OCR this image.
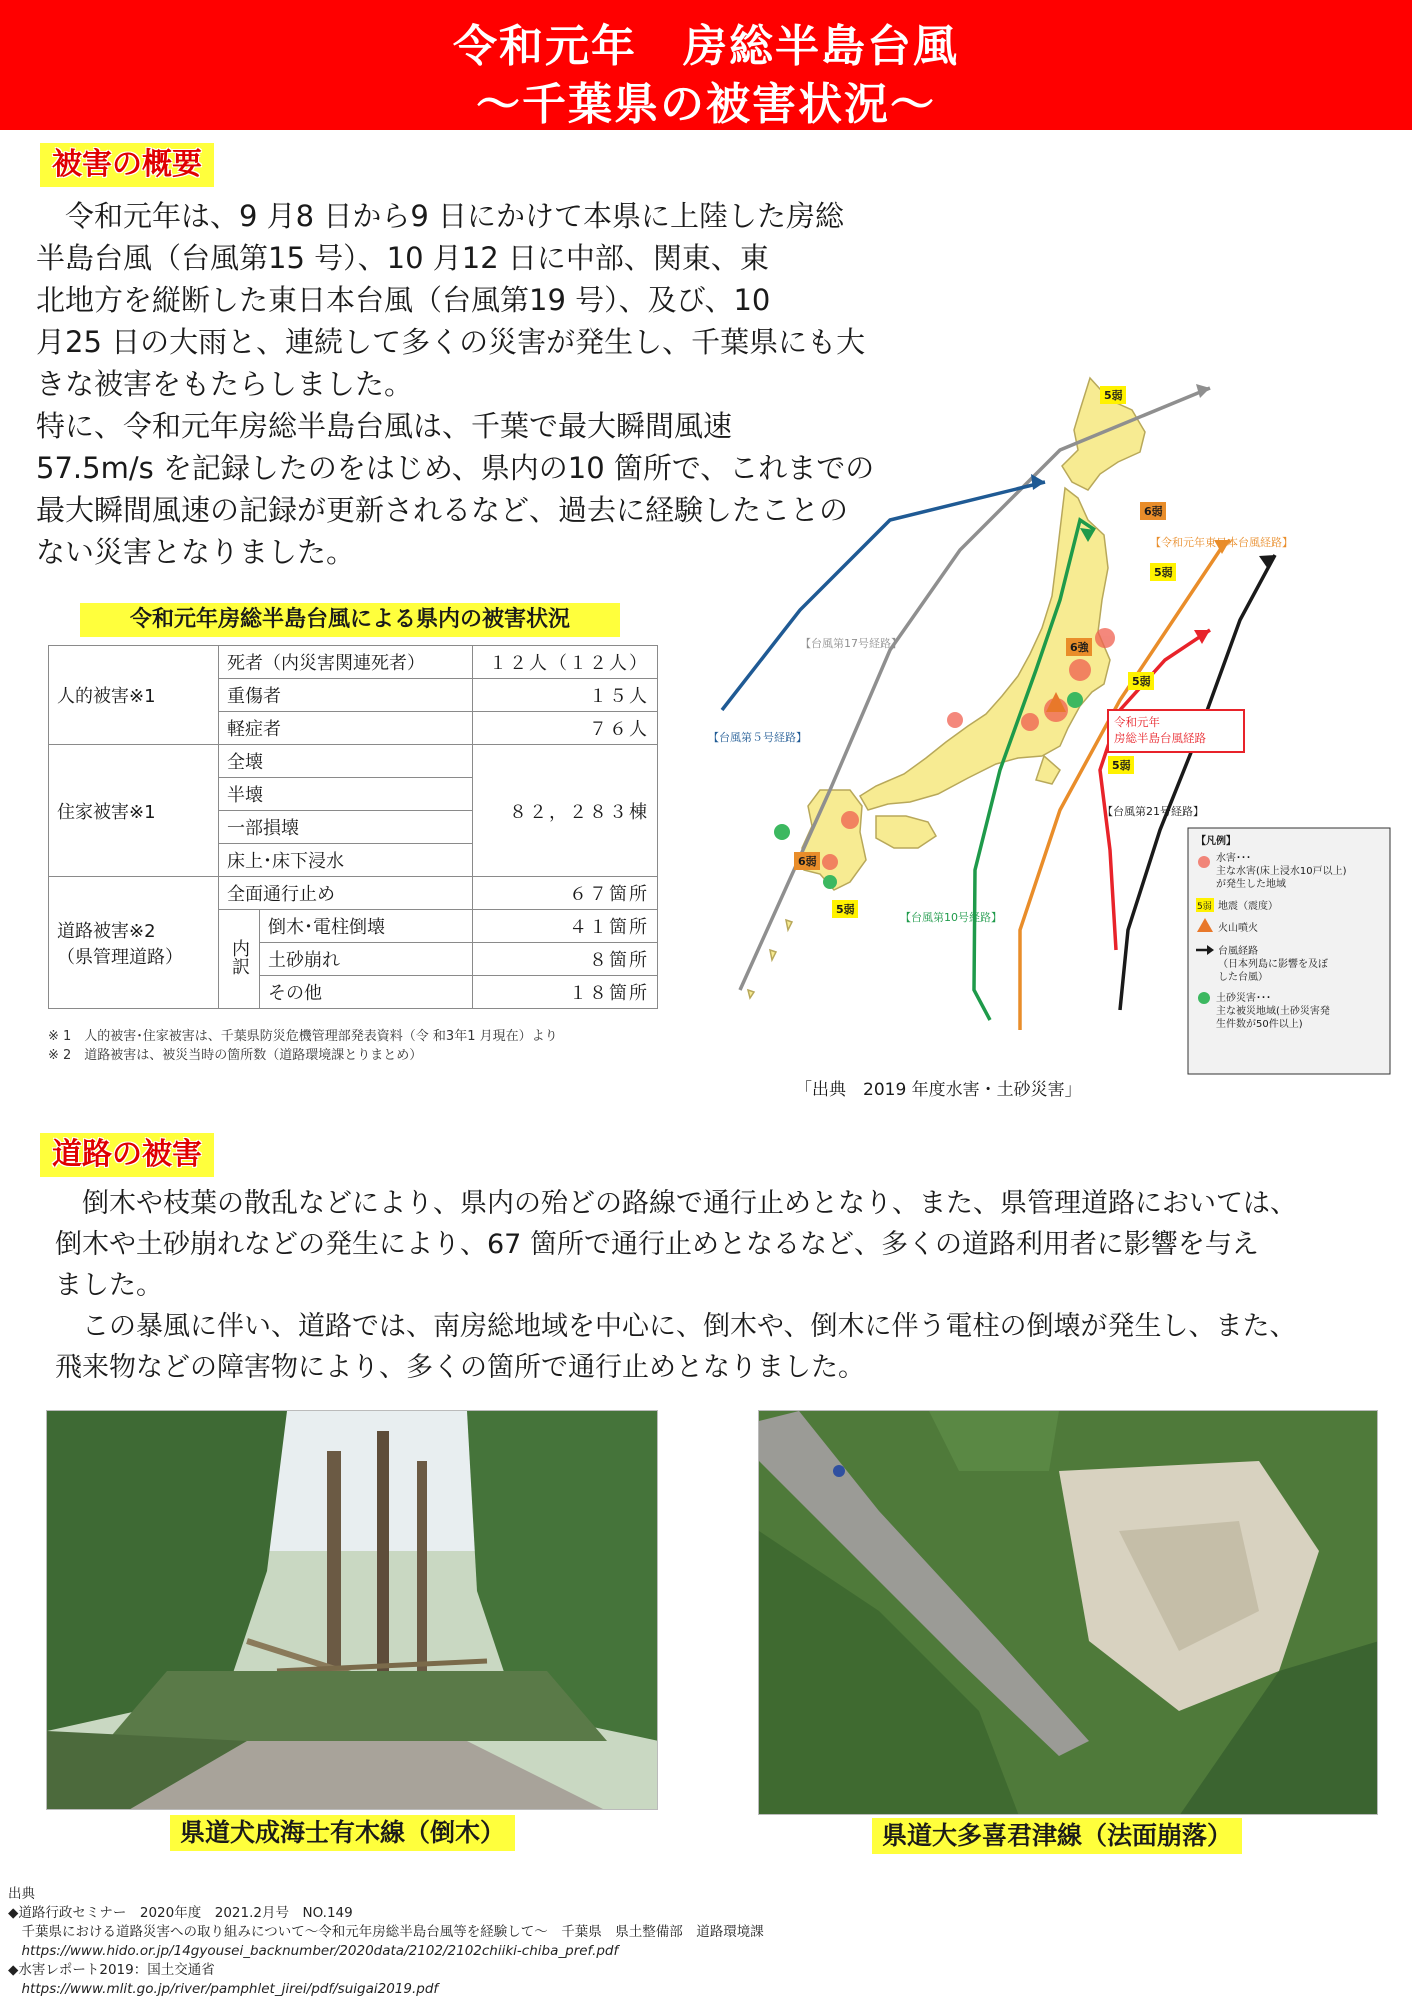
令和元年　房総半島台風
～千葉県の被害状況～
被害の概要

　令和元年は、9 月8 日から9 日にかけて本県に上陸した房総

半島台風（台風第15 号）、10 月12 日に中部、関東、東

北地方を縦断した東日本台風（台風第19 号）、及び、10

月25 日の大雨と、連続して多くの災害が発生し、千葉県にも大

きな被害をもたらしました。

特に、令和元年房総半島台風は、千葉で最大瞬間風速

57.5m/s を記録したのをはじめ、県内の10 箇所で、これまでの

最大瞬間風速の記録が更新されるなど、過去に経験したことの

ない災害となりました。

令和元年房総半島台風による県内の被害状況
人的被害※1	死者（内災害関連死者）		１２人（１２人）
	重傷者		１５人
	軽症者		７６人
住家被害※1	全壊		８２，２８３棟
	半壊		
	一部損壊		
	床上･床下浸水		

道路被害※2
（県管理道路）	全面通行止め		６７箇所
	内訳	倒木･電柱倒壊	４１箇所
		土砂崩れ	８箇所
		その他	１８箇所
※ 1　人的被害･住家被害は、千葉県防災危機管理部発表資料（令 和3年1 月現在）より
※ 2　道路被害は、被災当時の箇所数（道路環境課とりまとめ）
令和元年 房総半島台風経路
【令和元年東日本台風経路】
【台風第17号経路】
【台風第５号経路】
【台風第10号経路】
【台風第21号経路】
5弱
6弱
5弱
6強
5弱
5弱
6弱
5弱
【凡例】
水害･･･
主な水害(床上浸水10戸以上)
が発生した地域
5弱 地震（震度）
火山噴火
台風経路
（日本列島に影響を及ぼ
した台風）
土砂災害･･･
主な被災地域(土砂災害発
生件数が50件以上)
「出典　2019 年度水害・土砂災害」
道路の被害

　倒木や枝葉の散乱などにより、県内の殆どの路線で通行止めとなり、また、県管理道路においては、

倒木や土砂崩れなどの発生により、67 箇所で通行止めとなるなど、多くの道路利用者に影響を与え

ました。

　この暴風に伴い、道路では、南房総地域を中心に、倒木や、倒木に伴う電柱の倒壊が発生し、また、

飛来物などの障害物により、多くの箇所で通行止めとなりました。

県道犬成海士有木線（倒木）	県道大多喜君津線（法面崩落）
出典
◆道路行政セミナー　2020年度　2021.2月号　NO.149
　千葉県における道路災害への取り組みについて～令和元年房総半島台風等を経験して～　千葉県　県土整備部　道路環境課
　https://www.hido.or.jp/14gyousei_backnumber/2020data/2102/2102chiiki-chiba_pref.pdf
◆水害レポート2019：国土交通省
　https://www.mlit.go.jp/river/pamphlet_jirei/pdf/suigai2019.pdf
